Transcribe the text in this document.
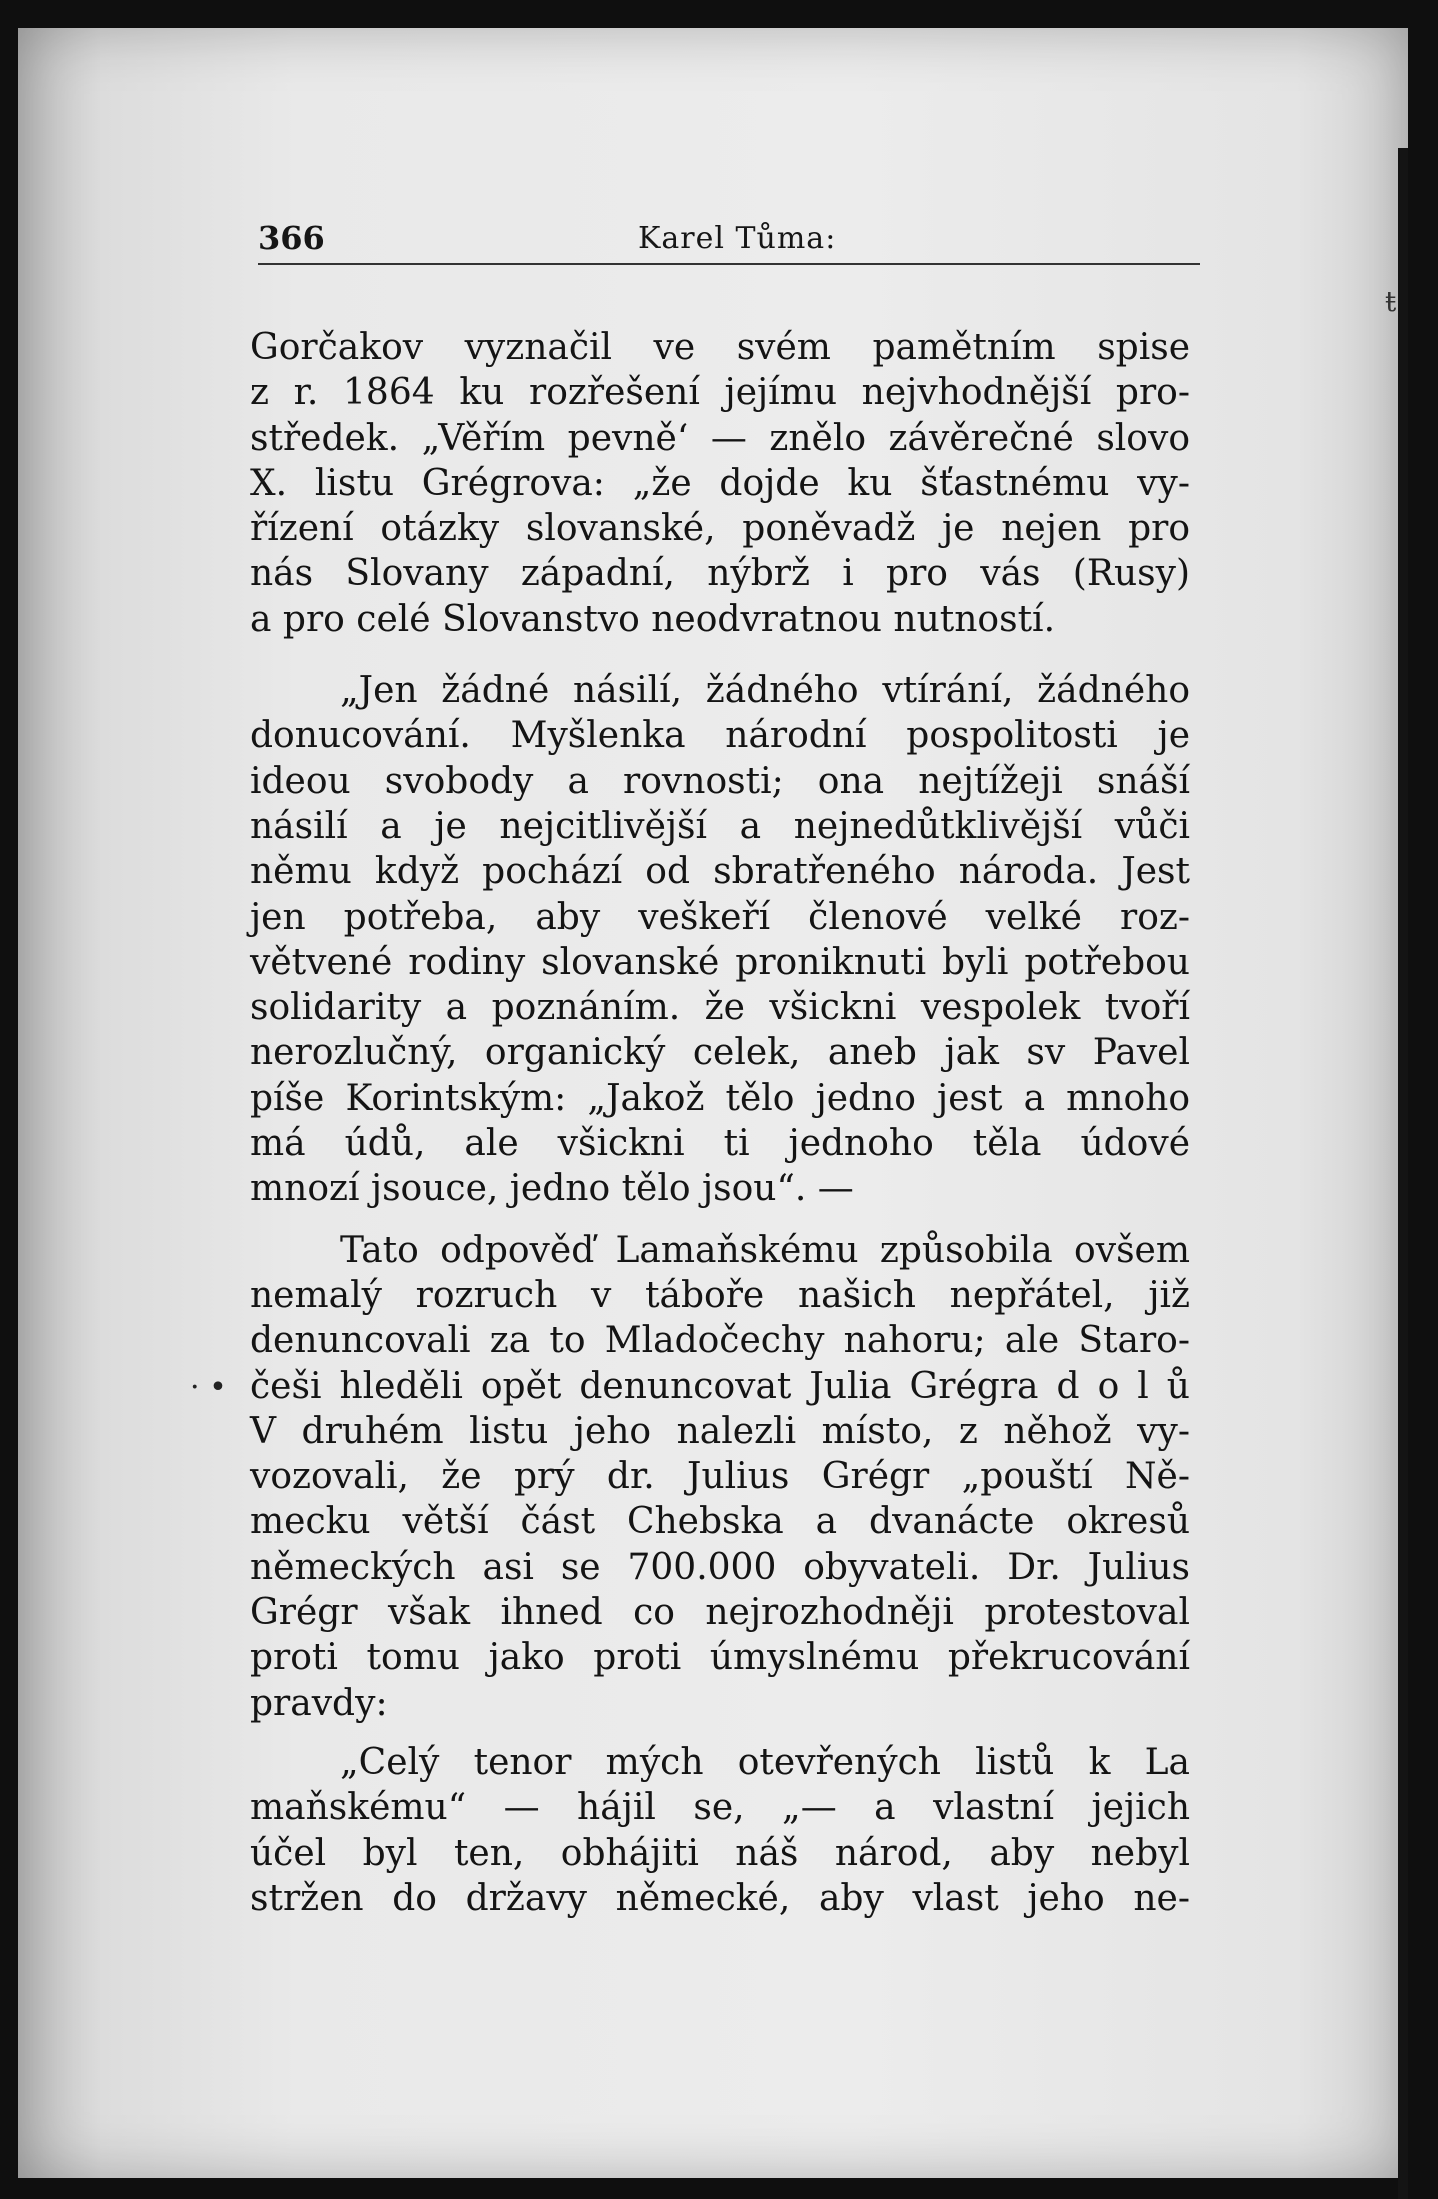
366	Karel Tůma:
· •
ŧ

Gorčakov vyznačil ve svém pamětním spise
z r. 1864 ku rozřešení jejímu nejvhodnější pro-
středek. „Věřím pevně‘ — znělo závěrečné slovo
X. listu Grégrova: „že dojde ku šťastnému vy-
řízení otázky slovanské, poněvadž je nejen pro
nás Slovany západní, nýbrž i pro vás (Rusy)
a pro celé Slovanstvo neodvratnou nutností.

„Jen žádné násilí, žádného vtírání, žádného
donucování. Myšlenka národní pospolitosti je
ideou svobody a rovnosti; ona nejtížeji snáší
násilí a je nejcitlivější a nejnedůtklivější vůči
němu když pochází od sbratřeného národa. Jest
jen potřeba, aby veškeří členové velké roz-
větvené rodiny slovanské proniknuti byli potřebou
solidarity a poznáním. že všickni vespolek tvoří
nerozlučný, organický celek, aneb jak sv Pavel
píše Korintským: „Jakož tělo jedno jest a mnoho
má údů, ale všickni ti jednoho těla údové
mnozí jsouce, jedno tělo jsou“. —

Tato odpověď Lamaňskému způsobila ovšem
nemalý rozruch v táboře našich nepřátel, již
denuncovali za to Mladočechy nahoru; ale Staro-
češi hleděli opět denuncovat Julia Grégra d o l ů
V druhém listu jeho nalezli místo, z něhož vy-
vozovali, že prý dr. Julius Grégr „pouští Ně-
mecku větší část Chebska a dvanácte okresů
německých asi se 700.000 obyvateli. Dr. Julius
Grégr však ihned co nejrozhodněji protestoval
proti tomu jako proti úmyslnému překrucování
pravdy:

„Celý tenor mých otevřených listů k La
maňskému“ — hájil se, „— a vlastní jejich
účel byl ten, obhájiti náš národ, aby nebyl
stržen do državy německé, aby vlast jeho ne-
